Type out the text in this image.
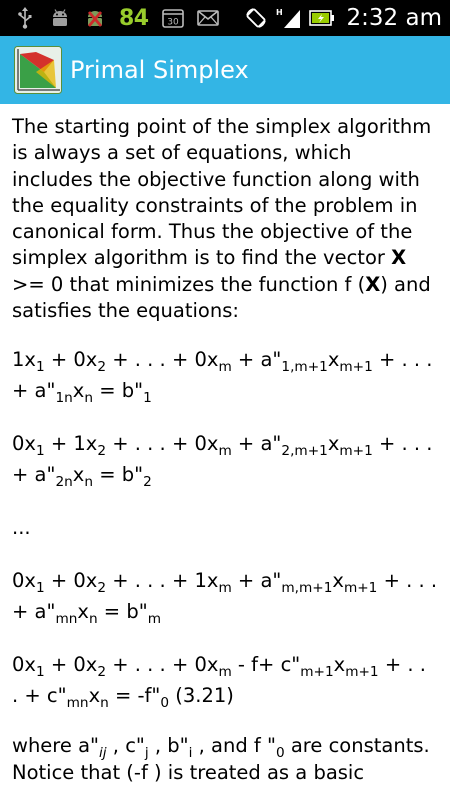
84 30
H	2:32 am
Primal Simplex

The starting point of the simplex algorithm is always a set of equations, which includes the objective function along with the equality constraints of the problem in canonical form. Thus the objective of the simplex algorithm is to find the vector X >= 0 that minimizes the function f (X) and satisfies the equations:

$1x_1 + 0x_2$ + . . . + $0x_m$ + $a"_{1,m+1}x_{m+1}$ + . . . + $a"_{1n}x_n$ = $b"_1$

$0x_1 + 1x_2$ + . . . + $0x_m$ + $a"_{2,m+1}x_{m+1}$ + . . . + $a"_{2n}x_n$ = $b"_2$

...

$0x_1 + 0x_2$ + . . . + $1x_m$ + $a"_{m,m+1}x_{m+1}$ + . . . + $a"_{mn}x_n$ = $b"_m$

$0x_1 + 0x_2$ + . . . + $0x_m - f+$ $c"_{m+1}x_{m+1}$ + . . . + $c"_{mn}x_n$ = $-f"_0$ (3.21)

where $a"_{ij}$ , $c"_j$ , $b"_i$ , and f "$_0$ are constants. Notice that (-f ) is treated as a basic
